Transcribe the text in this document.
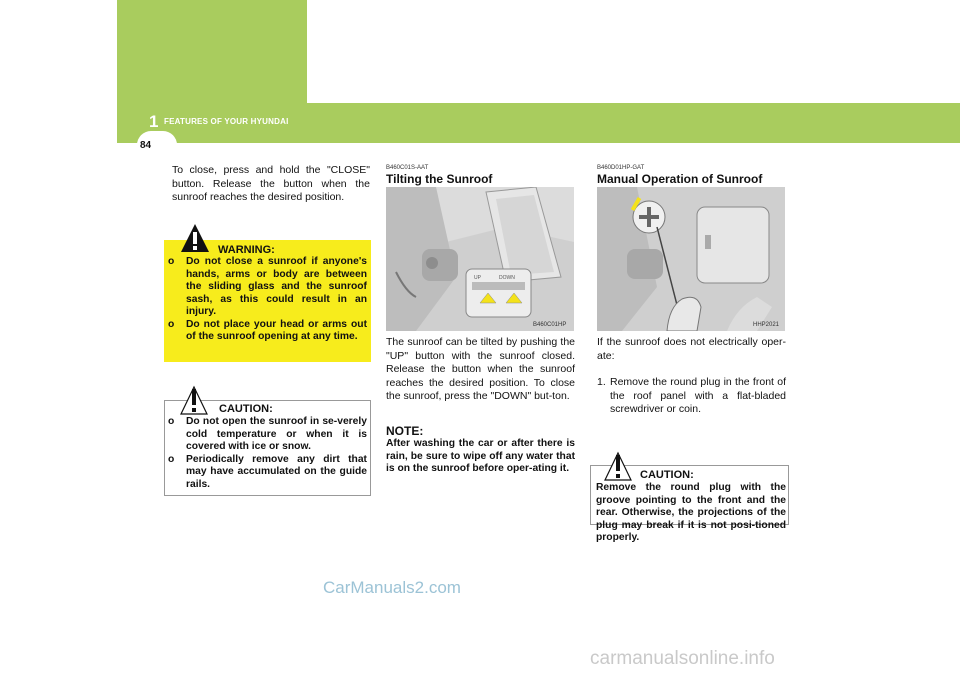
1 FEATURES OF YOUR HYUNDAI
84

To close, press and hold the "CLOSE" button. Release the button when the sunroof reaches the desired position.

WARNING:
o Do not close a sunroof if anyone's hands, arms or body are between the sliding glass and the sunroof sash, as this could result in an injury.
o Do not place your head or arms out of the sunroof opening at any time.
CAUTION:
o Do not open the sunroof in se-verely cold temperature or when it is covered with ice or snow.
o Periodically remove any dirt that may have accumulated on the guide rails.
B460C01S-AAT
Tilting the Sunroof
UP	DOWN
B460C01HP

The sunroof can be tilted by pushing the "UP" button with the sunroof closed. Release the button when the sunroof reaches the desired position. To close the sunroof, press the "DOWN" but-ton.

NOTE:

After washing the car or after there is rain, be sure to wipe off any water that is on the sunroof before oper-ating it.

B460D01HP-GAT
Manual Operation of Sunroof
HHP2021

If the sunroof does not electrically oper-ate:

1. Remove the round plug in the front of the roof panel with a flat-bladed screwdriver or coin.
CAUTION:

Remove the round plug with the groove pointing to the front and the rear. Otherwise, the projections of the plug may break if it is not posi-tioned properly.

CarManuals2.com
carmanualsonline.info
